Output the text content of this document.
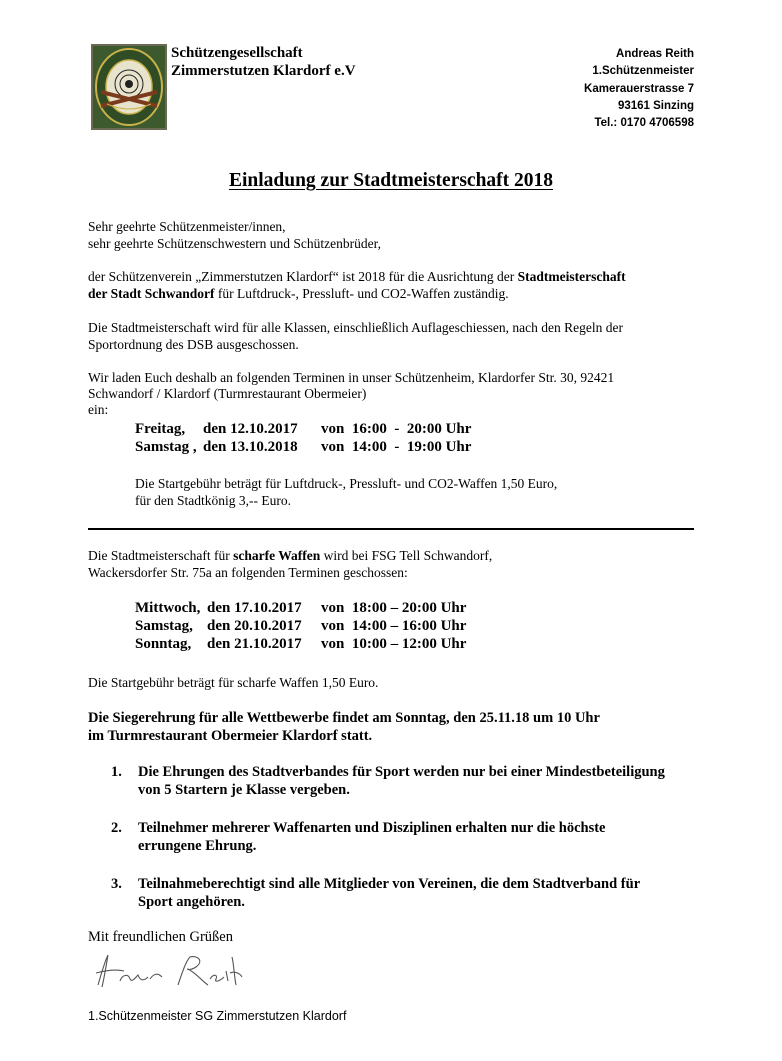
Schützengesellschaft
Zimmerstutzen Klardorf e.V
Andreas Reith
1.Schützenmeister
Kamerauerstrasse 7
93161 Sinzing
Tel.: 0170 4706598
Einladung zur Stadtmeisterschaft 2018
Sehr geehrte Schützenmeister/innen,
sehr geehrte Schützenschwestern und Schützenbrüder,
der Schützenverein „Zimmerstutzen Klardorf“ ist 2018 für die Ausrichtung der Stadtmeisterschaft
der Stadt Schwandorf für Luftdruck-, Pressluft- und CO2-Waffen zuständig.
Die Stadtmeisterschaft wird für alle Klassen, einschließlich Auflageschiessen, nach den Regeln der
Sportordnung des DSB ausgeschossen.
Wir laden Euch deshalb an folgenden Terminen in unser Schützenheim, Klardorfer Str. 30, 92421
Schwandorf / Klardorf (Turmrestaurant Obermeier)
ein:
Freitag,	den 12.10.2017	von  16:00  -  20:00 Uhr
Samstag , den 13.10.2018	von  14:00  -  19:00 Uhr
Die Startgebühr beträgt für Luftdruck-, Pressluft- und CO2-Waffen 1,50 Euro,
für den Stadtkönig 3,-- Euro.
Die Stadtmeisterschaft für scharfe Waffen wird bei FSG Tell Schwandorf,
Wackersdorfer Str. 75a an folgenden Terminen geschossen:
Mittwoch, den 17.10.2017	von  18:00 – 20:00 Uhr
Samstag, den 20.10.2017	von  14:00 – 16:00 Uhr
Sonntag,	den 21.10.2017	von  10:00 – 12:00 Uhr
Die Startgebühr beträgt für scharfe Waffen 1,50 Euro.
Die Siegerehrung für alle Wettbewerbe findet am Sonntag, den 25.11.18 um 10 Uhr
im Turmrestaurant Obermeier Klardorf statt.
1.	Die Ehrungen des Stadtverbandes für Sport werden nur bei einer Mindestbeteiligung von 5 Startern je Klasse vergeben.
2.	Teilnehmer mehrerer Waffenarten und Disziplinen erhalten nur die höchste errungene Ehrung.
3.	Teilnahmeberechtigt sind alle Mitglieder von Vereinen, die dem Stadtverband für Sport angehören.
Mit freundlichen Grüßen
1.Schützenmeister SG Zimmerstutzen Klardorf
